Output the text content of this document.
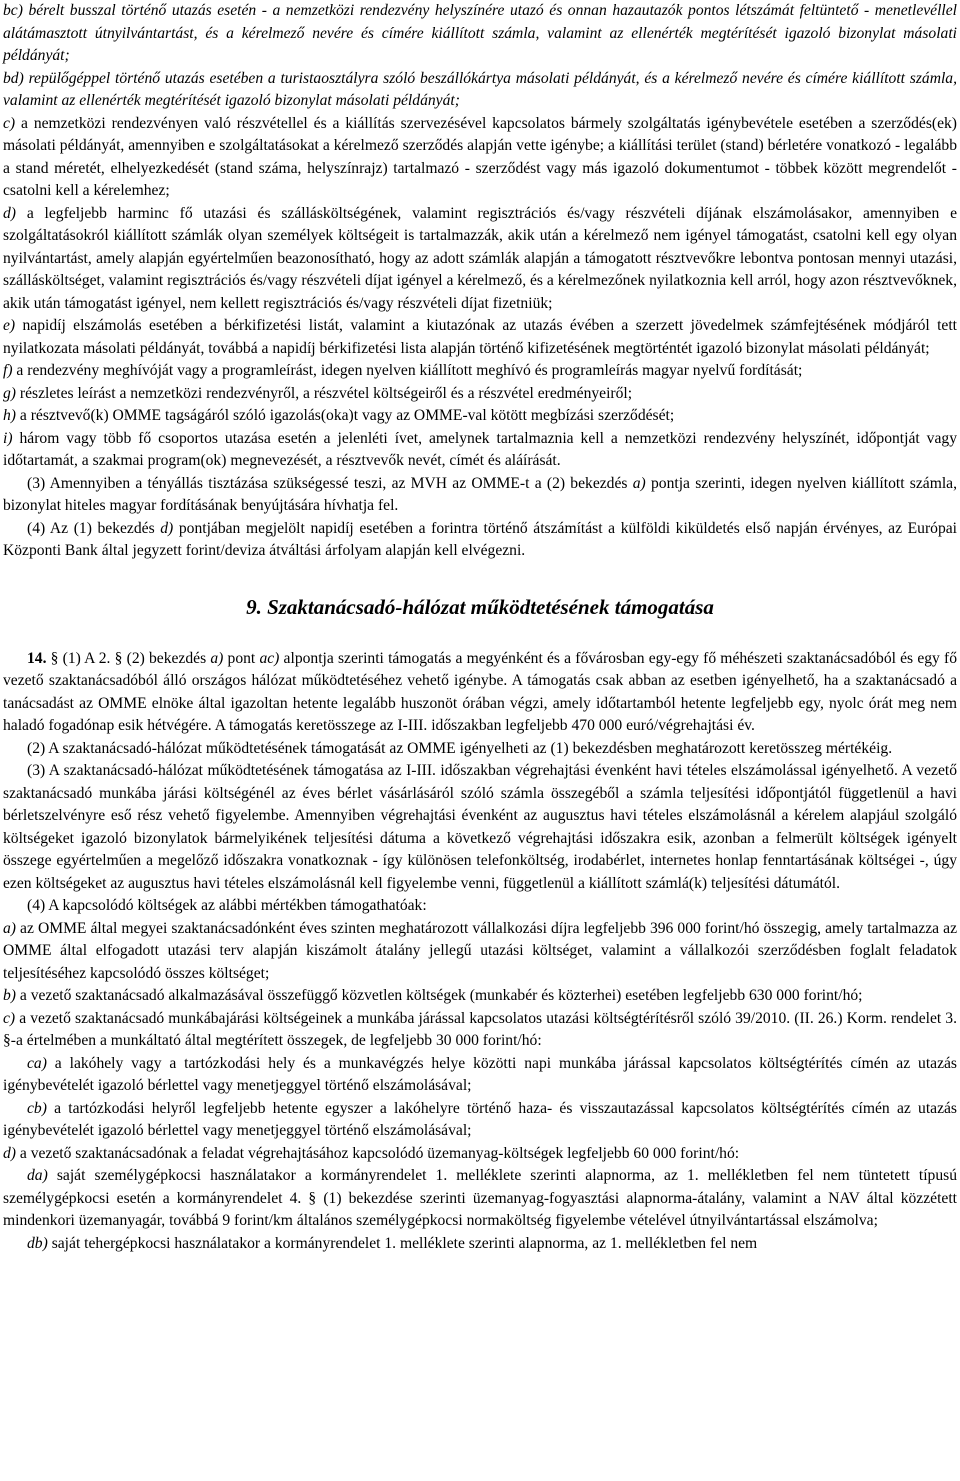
bc) bérelt busszal történő utazás esetén - a nemzetközi rendezvény helyszínére utazó és onnan hazautazók pontos létszámát feltüntető - menetlevéllel alátámasztott útnyilvántartást, és a kérelmező nevére és címére kiállított számla, valamint az ellenérték megtérítését igazoló bizonylat másolati példányát;

bd) repülőgéppel történő utazás esetében a turistaosztályra szóló beszállókártya másolati példányát, és a kérelmező nevére és címére kiállított számla, valamint az ellenérték megtérítését igazoló bizonylat másolati példányát;

c) a nemzetközi rendezvényen való részvétellel és a kiállítás szervezésével kapcsolatos bármely szolgáltatás igénybevétele esetében a szerződés(ek) másolati példányát, amennyiben e szolgáltatásokat a kérelmező szerződés alapján vette igénybe; a kiállítási terület (stand) bérletére vonatkozó - legalább a stand méretét, elhelyezkedését (stand száma, helyszínrajz) tartalmazó - szerződést vagy más igazoló dokumentumot - többek között megrendelőt - csatolni kell a kérelemhez;

d) a legfeljebb harminc fő utazási és szállásköltségének, valamint regisztrációs és/vagy részvételi díjának elszámolásakor, amennyiben e szolgáltatásokról kiállított számlák olyan személyek költségeit is tartalmazzák, akik után a kérelmező nem igényel támogatást, csatolni kell egy olyan nyilvántartást, amely alapján egyértelműen beazonosítható, hogy az adott számlák alapján a támogatott résztvevőkre lebontva pontosan mennyi utazási, szállásköltséget, valamint regisztrációs és/vagy részvételi díjat igényel a kérelmező, és a kérelmezőnek nyilatkoznia kell arról, hogy azon résztvevőknek, akik után támogatást igényel, nem kellett regisztrációs és/vagy részvételi díjat fizetniük;

e) napidíj elszámolás esetében a bérkifizetési listát, valamint a kiutazónak az utazás évében a szerzett jövedelmek számfejtésének módjáról tett nyilatkozata másolati példányát, továbbá a napidíj bérkifizetési lista alapján történő kifizetésének megtörténtét igazoló bizonylat másolati példányát;

f) a rendezvény meghívóját vagy a programleírást, idegen nyelven kiállított meghívó és programleírás magyar nyelvű fordítását;

g) részletes leírást a nemzetközi rendezvényről, a részvétel költségeiről és a részvétel eredményeiről;

h) a résztvevő(k) OMME tagságáról szóló igazolás(oka)t vagy az OMME-val kötött megbízási szerződését;

i) három vagy több fő csoportos utazása esetén a jelenléti ívet, amelynek tartalmaznia kell a nemzetközi rendezvény helyszínét, időpontját vagy időtartamát, a szakmai program(ok) megnevezését, a résztvevők nevét, címét és aláírását.

(3) Amennyiben a tényállás tisztázása szükségessé teszi, az MVH az OMME-t a (2) bekezdés a) pontja szerinti, idegen nyelven kiállított számla, bizonylat hiteles magyar fordításának benyújtására hívhatja fel.

(4) Az (1) bekezdés d) pontjában megjelölt napidíj esetében a forintra történő átszámítást a külföldi kiküldetés első napján érvényes, az Európai Központi Bank által jegyzett forint/deviza átváltási árfolyam alapján kell elvégezni.

9. Szaktanácsadó-hálózat működtetésének támogatása

14. § (1) A 2. § (2) bekezdés a) pont ac) alpontja szerinti támogatás a megyénként és a fővárosban egy-egy fő méhészeti szaktanácsadóból és egy fő vezető szaktanácsadóból álló országos hálózat működtetéséhez vehető igénybe. A támogatás csak abban az esetben igényelhető, ha a szaktanácsadó a tanácsadást az OMME elnöke által igazoltan hetente legalább huszonöt órában végzi, amely időtartamból hetente legfeljebb egy, nyolc órát meg nem haladó fogadónap esik hétvégére. A támogatás keretösszege az I-III. időszakban legfeljebb 470 000 euró/végrehajtási év.

(2) A szaktanácsadó-hálózat működtetésének támogatását az OMME igényelheti az (1) bekezdésben meghatározott keretösszeg mértékéig.

(3) A szaktanácsadó-hálózat működtetésének támogatása az I-III. időszakban végrehajtási évenként havi tételes elszámolással igényelhető. A vezető szaktanácsadó munkába járási költségénél az éves bérlet vásárlásáról szóló számla összegéből a számla teljesítési időpontjától függetlenül a havi bérletszelvényre eső rész vehető figyelembe. Amennyiben végrehajtási évenként az augusztus havi tételes elszámolásnál a kérelem alapjául szolgáló költségeket igazoló bizonylatok bármelyikének teljesítési dátuma a következő végrehajtási időszakra esik, azonban a felmerült költségek igényelt összege egyértelműen a megelőző időszakra vonatkoznak - így különösen telefonköltség, irodabérlet, internetes honlap fenntartásának költségei -, úgy ezen költségeket az augusztus havi tételes elszámolásnál kell figyelembe venni, függetlenül a kiállított számlá(k) teljesítési dátumától.

(4) A kapcsolódó költségek az alábbi mértékben támogathatóak:

a) az OMME által megyei szaktanácsadónként éves szinten meghatározott vállalkozási díjra legfeljebb 396 000 forint/hó összegig, amely tartalmazza az OMME által elfogadott utazási terv alapján kiszámolt átalány jellegű utazási költséget, valamint a vállalkozói szerződésben foglalt feladatok teljesítéséhez kapcsolódó összes költséget;

b) a vezető szaktanácsadó alkalmazásával összefüggő közvetlen költségek (munkabér és közterhei) esetében legfeljebb 630 000 forint/hó;

c) a vezető szaktanácsadó munkábajárási költségeinek a munkába járással kapcsolatos utazási költségtérítésről szóló 39/2010. (II. 26.) Korm. rendelet 3. §-a értelmében a munkáltató által megtérített összegek, de legfeljebb 30 000 forint/hó:

ca) a lakóhely vagy a tartózkodási hely és a munkavégzés helye közötti napi munkába járással kapcsolatos költségtérítés címén az utazás igénybevételét igazoló bérlettel vagy menetjeggyel történő elszámolásával;

cb) a tartózkodási helyről legfeljebb hetente egyszer a lakóhelyre történő haza- és visszautazással kapcsolatos költségtérítés címén az utazás igénybevételét igazoló bérlettel vagy menetjeggyel történő elszámolásával;

d) a vezető szaktanácsadónak a feladat végrehajtásához kapcsolódó üzemanyag-költségek legfeljebb 60 000 forint/hó:

da) saját személygépkocsi használatakor a kormányrendelet 1. melléklete szerinti alapnorma, az 1. mellékletben fel nem tüntetett típusú személygépkocsi esetén a kormányrendelet 4. § (1) bekezdése szerinti üzemanyag-fogyasztási alapnorma-átalány, valamint a NAV által közzétett mindenkori üzemanyagár, továbbá 9 forint/km általános személygépkocsi normaköltség figyelembe vételével útnyilvántartással elszámolva;

db) saját tehergépkocsi használatakor a kormányrendelet 1. melléklete szerinti alapnorma, az 1. mellékletben fel nem
